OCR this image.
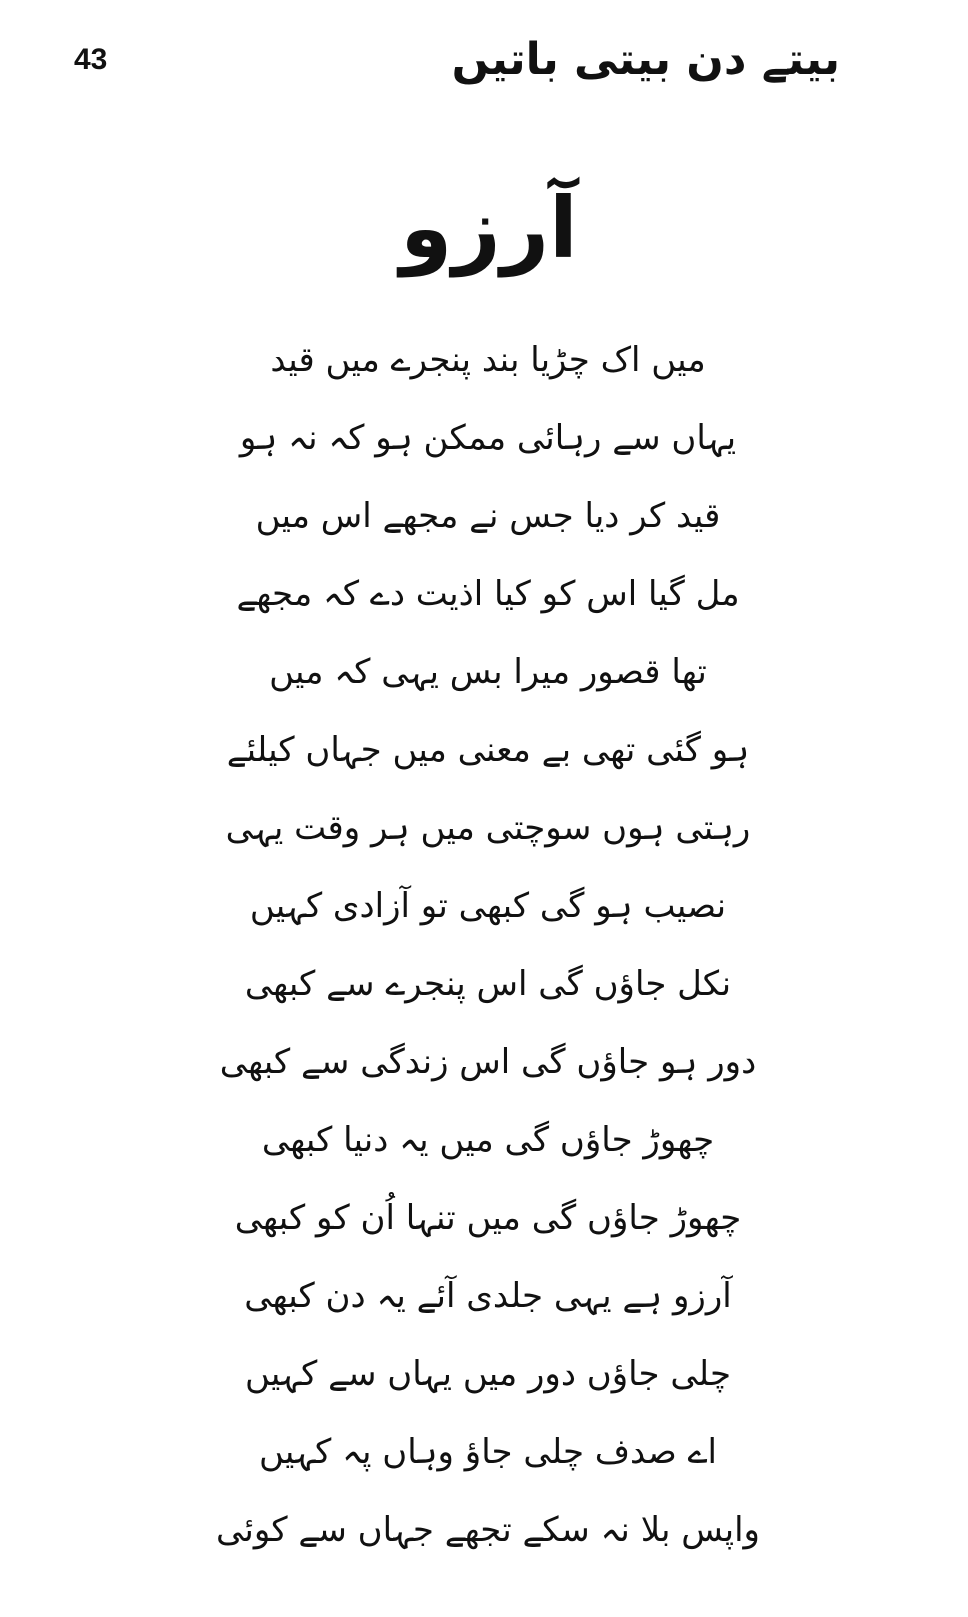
43	بیتے دن بیتی باتیں
آرزو
میں اک چڑیا بند پنجرے میں قید
یہاں سے رہائی ممکن ہو کہ نہ ہو
قید کر دیا جس نے مجھے اس میں
مل گیا اس کو کیا اذیت دے کہ مجھے
تھا قصور میرا بس یہی کہ میں
ہو گئی تھی بے معنی میں جہاں کیلئے
رہتی ہوں سوچتی میں ہر وقت یہی
نصیب ہو گی کبھی تو آزادی کہیں
نکل جاؤں گی اس پنجرے سے کبھی
دور ہو جاؤں گی اس زندگی سے کبھی
چھوڑ جاؤں گی میں یہ دنیا کبھی
چھوڑ جاؤں گی میں تنہا اُن کو کبھی
آرزو ہے یہی جلدی آئے یہ دن کبھی
چلی جاؤں دور میں یہاں سے کہیں
اے صدف چلی جاؤ وہاں پہ کہیں
واپس بلا نہ سکے تجھے جہاں سے کوئی
